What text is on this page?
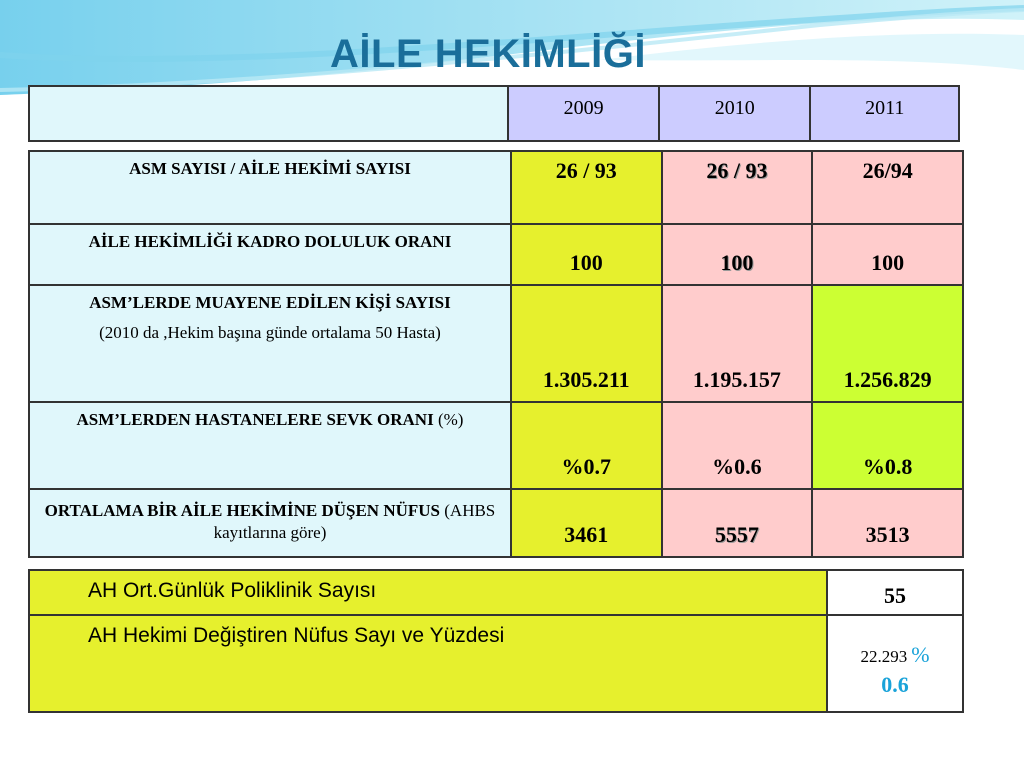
AİLE HEKİMLİĞİ
	2009	2010	2011
ASM SAYISI / AİLE HEKİMİ SAYISI	26 / 93	26 / 93	26/94
AİLE HEKİMLİĞİ KADRO DOLULUK ORANI	100	100	100
ASM’LERDE MUAYENE EDİLEN KİŞİ SAYISI
(2010 da ,Hekim başına günde ortalama 50 Hasta)	1.305.211	1.195.157	1.256.829
ASM’LERDEN HASTANELERE SEVK ORANI (%)	%0.7	%0.6	%0.8
ORTALAMA BİR AİLE HEKİMİNE DÜŞEN NÜFUS (AHBS kayıtlarına göre)	3461	5557	3513
AH Ort.Günlük Poliklinik Sayısı	55
AH Hekimi Değiştiren Nüfus Sayı ve Yüzdesi	22.293 %
0.6
